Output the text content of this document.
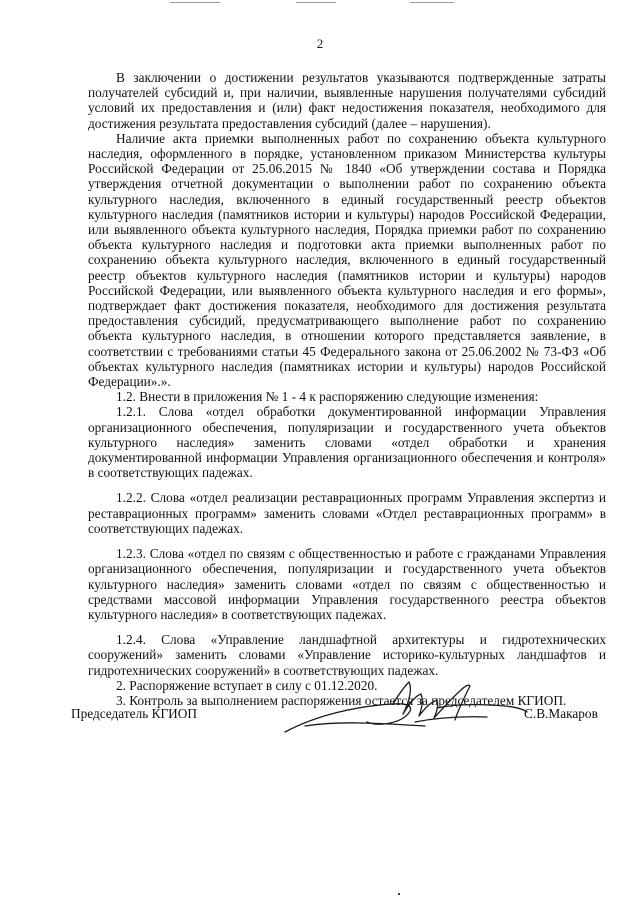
2

В заключении о достижении результатов указываются подтвержденные затраты получателей субсидий и, при наличии, выявленные нарушения получателями субсидий условий их предоставления и (или) факт недостижения показателя, необходимого для достижения результата предоставления субсидий (далее – нарушения).

Наличие акта приемки выполненных работ по сохранению объекта культурного наследия, оформленного в порядке, установленном приказом Министерства культуры Российской Федерации от 25.06.2015 № 1840 «Об утверждении состава и Порядка утверждения отчетной документации о выполнении работ по сохранению объекта культурного наследия, включенного в единый государственный реестр объектов культурного наследия (памятников истории и культуры) народов Российской Федерации, или выявленного объекта культурного наследия, Порядка приемки работ по сохранению объекта культурного наследия и подготовки акта приемки выполненных работ по сохранению объекта культурного наследия, включенного в единый государственный реестр объектов культурного наследия (памятников истории и культуры) народов Российской Федерации, или выявленного объекта культурного наследия и его формы», подтверждает факт достижения показателя, необходимого для достижения результата предоставления субсидий, предусматривающего выполнение работ по сохранению объекта культурного наследия, в отношении которого представляется заявление, в соответствии с требованиями статьи 45 Федерального закона от 25.06.2002 № 73-ФЗ «Об объектах культурного наследия (памятниках истории и культуры) народов Российской Федерации».».

1.2. Внести в приложения № 1 - 4 к распоряжению следующие изменения:

1.2.1. Слова «отдел обработки документированной информации Управления организационного обеспечения, популяризации и государственного учета объектов культурного наследия» заменить словами «отдел обработки и хранения документированной информации Управления организационного обеспечения и контроля» в соответствующих падежах.

1.2.2. Слова «отдел реализации реставрационных программ Управления экспертиз и реставрационных программ» заменить словами «Отдел реставрационных программ» в соответствующих падежах.

1.2.3. Слова «отдел по связям с общественностью и работе с гражданами Управления организационного обеспечения, популяризации и государственного учета объектов культурного наследия» заменить словами «отдел по связям с общественностью и средствами массовой информации Управления государственного реестра объектов культурного наследия» в соответствующих падежах.

1.2.4. Слова «Управление ландшафтной архитектуры и гидротехнических сооружений» заменить словами «Управление историко-культурных ландшафтов и гидротехнических сооружений» в соответствующих падежах.

2. Распоряжение вступает в силу с 01.12.2020.

3. Контроль за выполнением распоряжения остается за председателем КГИОП.

Председатель КГИОП	С.В.Макаров
